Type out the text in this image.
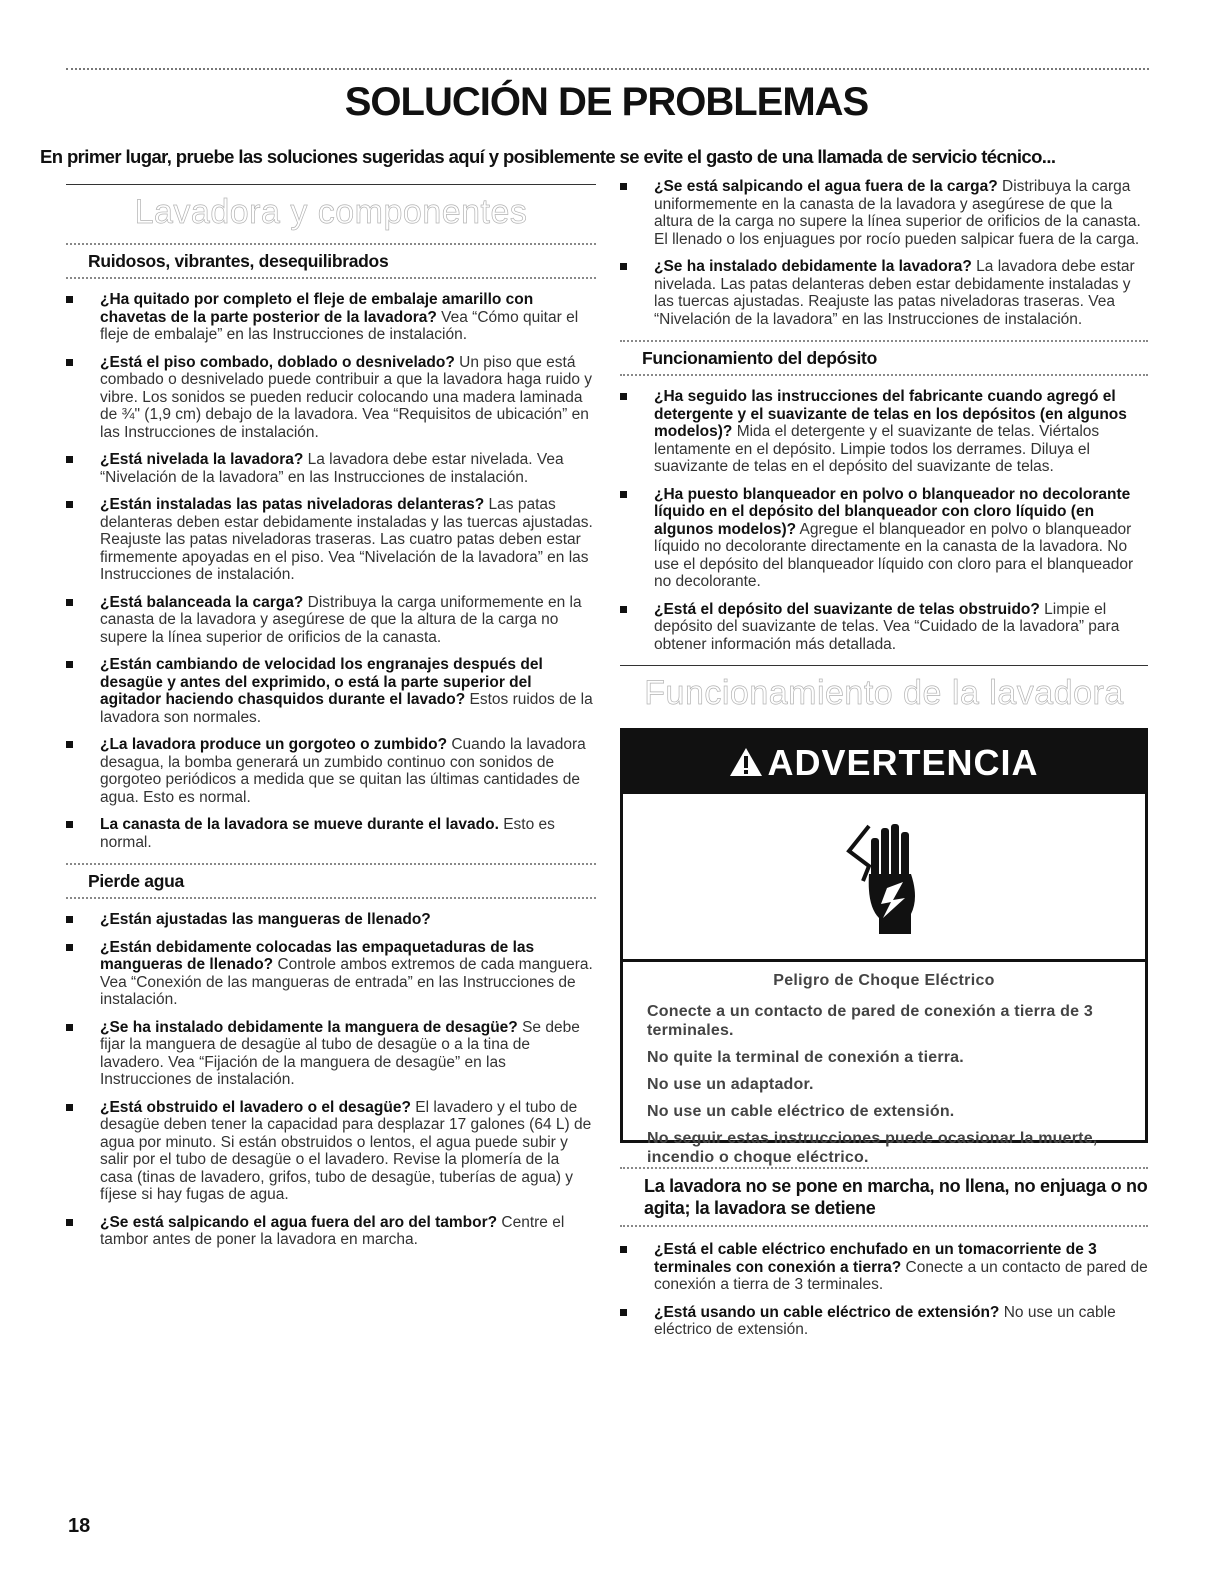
SOLUCIÓN DE PROBLEMAS

En primer lugar, pruebe las soluciones sugeridas aquí y posiblemente se evite el gasto de una llamada de servicio técnico...

Lavadora y componentes
Ruidosos, vibrantes, desequilibrados
¿Ha quitado por completo el fleje de embalaje amarillo con chavetas de la parte posterior de la lavadora? Vea “Cómo quitar el fleje de embalaje” en las Instrucciones de instalación.
¿Está el piso combado, doblado o desnivelado? Un piso que está combado o desnivelado puede contribuir a que la lavadora haga ruido y vibre. Los sonidos se pueden reducir colocando una madera laminada de ¾" (1,9 cm) debajo de la lavadora. Vea “Requisitos de ubicación” en las Instrucciones de instalación.
¿Está nivelada la lavadora? La lavadora debe estar nivelada. Vea “Nivelación de la lavadora” en las Instrucciones de instalación.
¿Están instaladas las patas niveladoras delanteras? Las patas delanteras deben estar debidamente instaladas y las tuercas ajustadas. Reajuste las patas niveladoras traseras. Las cuatro patas deben estar firmemente apoyadas en el piso. Vea “Nivelación de la lavadora” en las Instrucciones de instalación.
¿Está balanceada la carga? Distribuya la carga uniformemente en la canasta de la lavadora y asegúrese de que la altura de la carga no supere la línea superior de orificios de la canasta.
¿Están cambiando de velocidad los engranajes después del desagüe y antes del exprimido, o está la parte superior del agitador haciendo chasquidos durante el lavado? Estos ruidos de la lavadora son normales.
¿La lavadora produce un gorgoteo o zumbido? Cuando la lavadora desagua, la bomba generará un zumbido continuo con sonidos de gorgoteo periódicos a medida que se quitan las últimas cantidades de agua. Esto es normal.
La canasta de la lavadora se mueve durante el lavado. Esto es normal.
Pierde agua
¿Están ajustadas las mangueras de llenado?
¿Están debidamente colocadas las empaquetaduras de las mangueras de llenado? Controle ambos extremos de cada manguera. Vea “Conexión de las mangueras de entrada” en las Instrucciones de instalación.
¿Se ha instalado debidamente la manguera de desagüe? Se debe fijar la manguera de desagüe al tubo de desagüe o a la tina de lavadero. Vea “Fijación de la manguera de desagüe” en las Instrucciones de instalación.
¿Está obstruido el lavadero o el desagüe? El lavadero y el tubo de desagüe deben tener la capacidad para desplazar 17 galones (64 L) de agua por minuto. Si están obstruidos o lentos, el agua puede subir y salir por el tubo de desagüe o el lavadero. Revise la plomería de la casa (tinas de lavadero, grifos, tubo de desagüe, tuberías de agua) y fíjese si hay fugas de agua.
¿Se está salpicando el agua fuera del aro del tambor? Centre el tambor antes de poner la lavadora en marcha.
¿Se está salpicando el agua fuera de la carga? Distribuya la carga uniformemente en la canasta de la lavadora y asegúrese de que la altura de la carga no supere la línea superior de orificios de la canasta. El llenado o los enjuagues por rocío pueden salpicar fuera de la carga.
¿Se ha instalado debidamente la lavadora? La lavadora debe estar nivelada. Las patas delanteras deben estar debidamente instaladas y las tuercas ajustadas. Reajuste las patas niveladoras traseras. Vea “Nivelación de la lavadora” en las Instrucciones de instalación.
Funcionamiento del depósito
¿Ha seguido las instrucciones del fabricante cuando agregó el detergente y el suavizante de telas en los depósitos (en algunos modelos)? Mida el detergente y el suavizante de telas. Viértalos lentamente en el depósito. Limpie todos los derrames. Diluya el suavizante de telas en el depósito del suavizante de telas.
¿Ha puesto blanqueador en polvo o blanqueador no decolorante líquido en el depósito del blanqueador con cloro líquido (en algunos modelos)? Agregue el blanqueador en polvo o blanqueador líquido no decolorante directamente en la canasta de la lavadora. No use el depósito del blanqueador líquido con cloro para el blanqueador no decolorante.
¿Está el depósito del suavizante de telas obstruido? Limpie el depósito del suavizante de telas. Vea “Cuidado de la lavadora” para obtener información más detallada.
Funcionamiento de la lavadora
ADVERTENCIA
Peligro de Choque Eléctrico
Conecte a un contacto de pared de conexión a tierra de 3 terminales.
No quite la terminal de conexión a tierra.
No use un adaptador.
No use un cable eléctrico de extensión.
No seguir estas instrucciones puede ocasionar la muerte, incendio o choque eléctrico.
La lavadora no se pone en marcha, no llena, no enjuaga o no agita; la lavadora se detiene
¿Está el cable eléctrico enchufado en un tomacorriente de 3 terminales con conexión a tierra? Conecte a un contacto de pared de conexión a tierra de 3 terminales.
¿Está usando un cable eléctrico de extensión? No use un cable eléctrico de extensión.
18
